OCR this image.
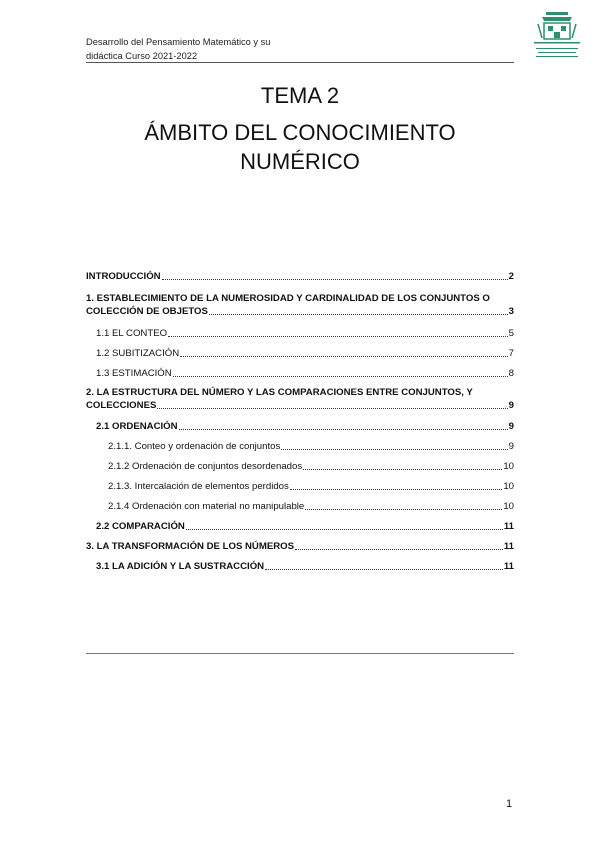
Desarrollo del Pensamiento Matemático y su
didáctica Curso 2021-2022
TEMA 2
ÁMBITO DEL CONOCIMIENTO
NUMÉRICO
INTRODUCCIÓN	2
1. ESTABLECIMIENTO DE LA NUMEROSIDAD Y CARDINALIDAD DE LOS CONJUNTOS O
COLECCIÓN DE OBJETOS	3
1.1 EL CONTEO	5
1.2 SUBITIZACIÓN	7
1.3 ESTIMACIÓN	8
2. LA ESTRUCTURA DEL NÚMERO Y LAS COMPARACIONES ENTRE CONJUNTOS, Y
COLECCIONES	9
2.1 ORDENACIÓN	9
2.1.1. Conteo y ordenación de conjuntos	9
2.1.2 Ordenación de conjuntos desordenados	10
2.1.3. Intercalación de elementos perdidos	10
2.1.4 Ordenación con material no manipulable	10
2.2 COMPARACIÓN	11
3. LA TRANSFORMACIÓN DE LOS NÚMEROS	11
3.1 LA ADICIÓN Y LA SUSTRACCIÓN	11
1
